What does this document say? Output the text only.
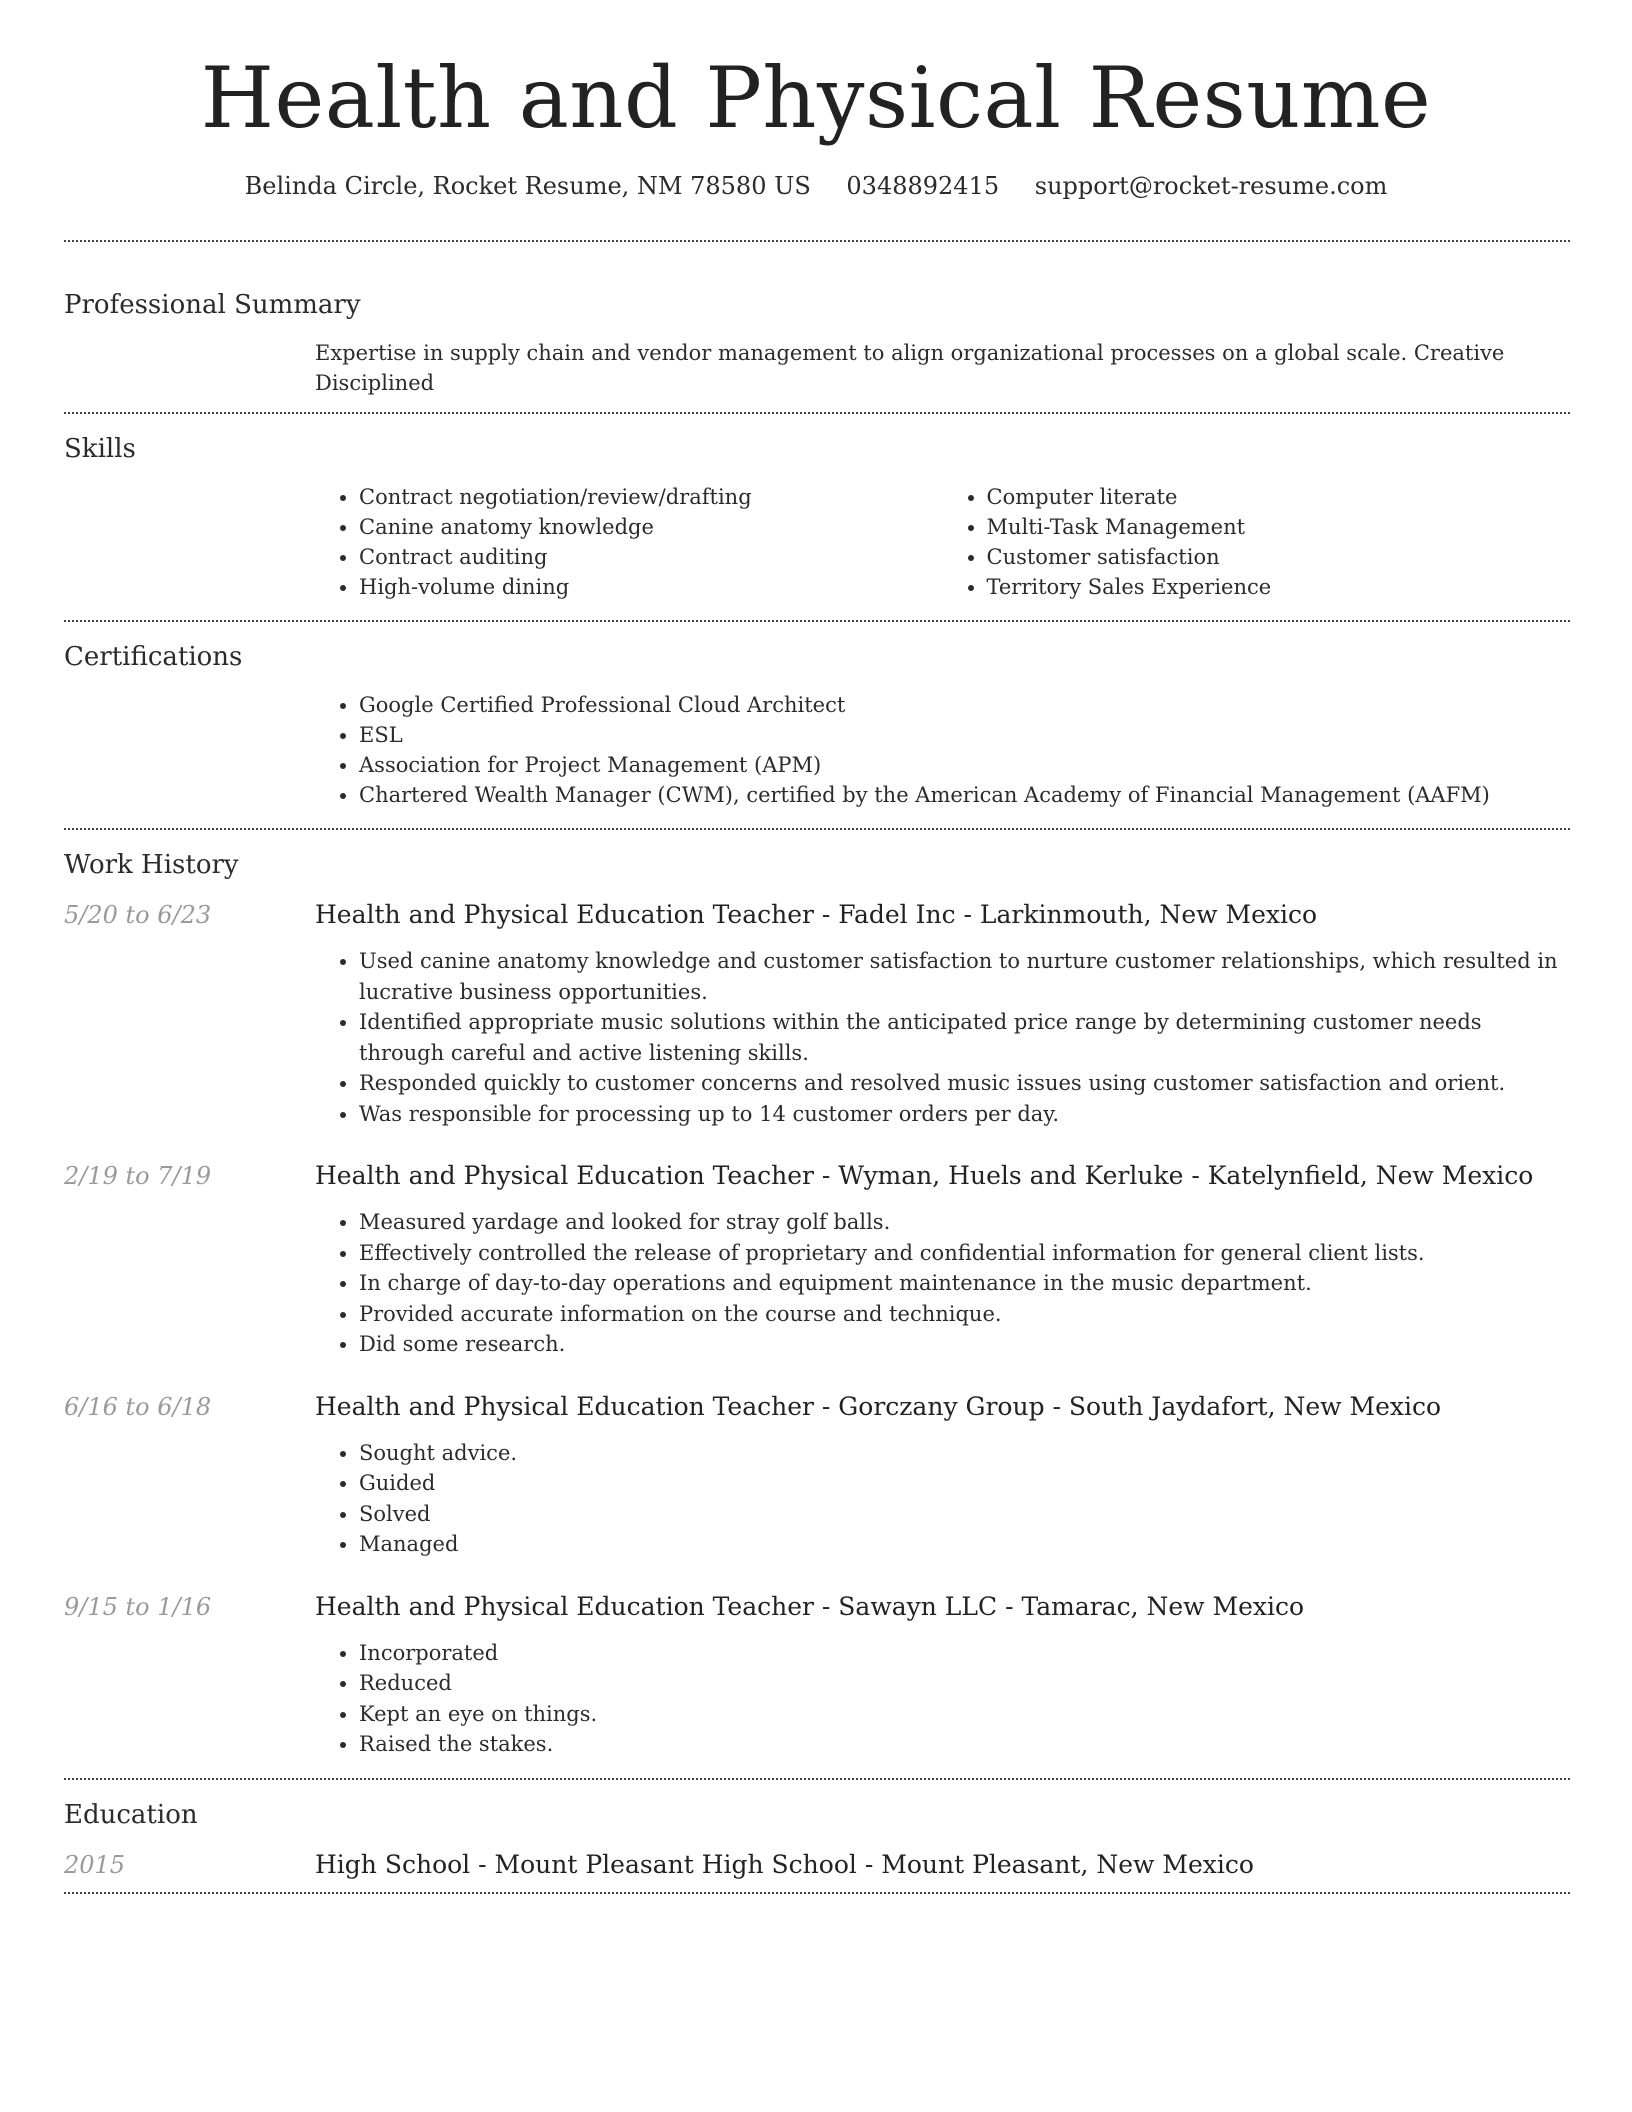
Health and Physical Resume
Belinda Circle, Rocket Resume, NM 78580 US 0348892415 support@rocket-resume.com
Professional Summary
Expertise in supply chain and vendor management to align organizational processes on a global scale. Creative Disciplined
Skills
• Contract negotiation/review/drafting
• Canine anatomy knowledge
• Contract auditing
• High-volume dining
• Computer literate
• Multi-Task Management
• Customer satisfaction
• Territory Sales Experience
Certifications
• Google Certified Professional Cloud Architect
• ESL
• Association for Project Management (APM)
• Chartered Wealth Manager (CWM), certified by the American Academy of Financial Management (AAFM)
Work History
5/20 to 6/23	Health and Physical Education Teacher - Fadel Inc - Larkinmouth, New Mexico
• Used canine anatomy knowledge and customer satisfaction to nurture customer relationships, which resulted in lucrative business opportunities.
• Identified appropriate music solutions within the anticipated price range by determining customer needs through careful and active listening skills.
• Responded quickly to customer concerns and resolved music issues using customer satisfaction and orient.
• Was responsible for processing up to 14 customer orders per day.
2/19 to 7/19	Health and Physical Education Teacher - Wyman, Huels and Kerluke - Katelynfield, New Mexico
• Measured yardage and looked for stray golf balls.
• Effectively controlled the release of proprietary and confidential information for general client lists.
• In charge of day-to-day operations and equipment maintenance in the music department.
• Provided accurate information on the course and technique.
• Did some research.
6/16 to 6/18	Health and Physical Education Teacher - Gorczany Group - South Jaydafort, New Mexico
• Sought advice.
• Guided
• Solved
• Managed
9/15 to 1/16	Health and Physical Education Teacher - Sawayn LLC - Tamarac, New Mexico
• Incorporated
• Reduced
• Kept an eye on things.
• Raised the stakes.
Education
2015	High School - Mount Pleasant High School - Mount Pleasant, New Mexico
